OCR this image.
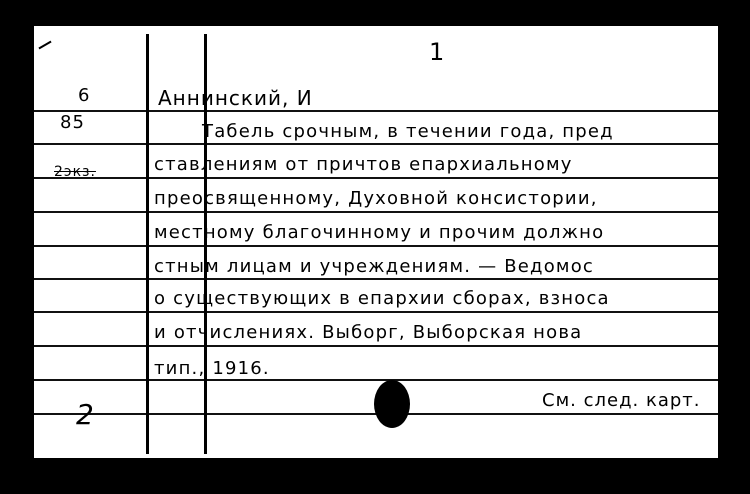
1
Аннинский, И
6
85
2экз.
2
Табель срочным, в течении года, пред
ставлениям от причтов епархиальному
преосвященному, Духовной консистории,
местному благочинному и прочим должно
стным лицам и учреждениям. — Ведомос
о существующих в епархии сборах, взноса
и отчислениях. Выборг, Выборская нова
тип., 1916.
См. след. карт.
